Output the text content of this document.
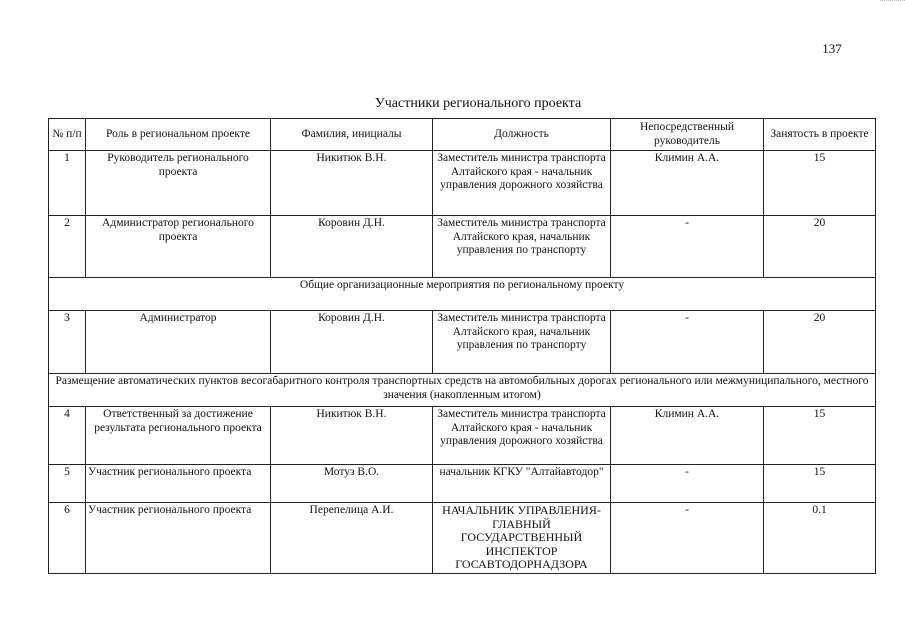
137
Участники регионального проекта
№ п/п	Роль в региональном проекте	Фамилия, инициалы	Должность	Непосредственный руководитель	Занятость в проекте
1	Руководитель регионального проекта	Никитюк В.Н.	Заместитель министра транспорта Алтайского края - начальник управления дорожного хозяйства	Климин А.А.	15
2	Администратор регионального проекта	Коровин Д.Н.	Заместитель министра транспорта Алтайского края, начальник управления по транспорту	-	20
Общие организационные мероприятия по региональному проекту					
3	Администратор	Коровин Д.Н.	Заместитель министра транспорта Алтайского края, начальник управления по транспорту	-	20
Размещение автоматических пунктов весогабаритного контроля транспортных средств на автомобильных дорогах регионального или межмуниципального, местного значения (накопленным итогом)					
4	Ответственный за достижение результата регионального проекта	Никитюк В.Н.	Заместитель министра транспорта Алтайского края - начальник управления дорожного хозяйства	Климин А.А.	15
5	Участник регионального проекта	Мотуз В.О.	начальник КГКУ "Алтайавтодор"	-	15
6	Участник регионального проекта	Перепелица А.И.	НАЧАЛЬНИК УПРАВЛЕНИЯ-ГЛАВНЫЙ ГОСУДАРСТВЕННЫЙ ИНСПЕКТОР ГОСАВТОДОРНАДЗОРА	-	0.1
